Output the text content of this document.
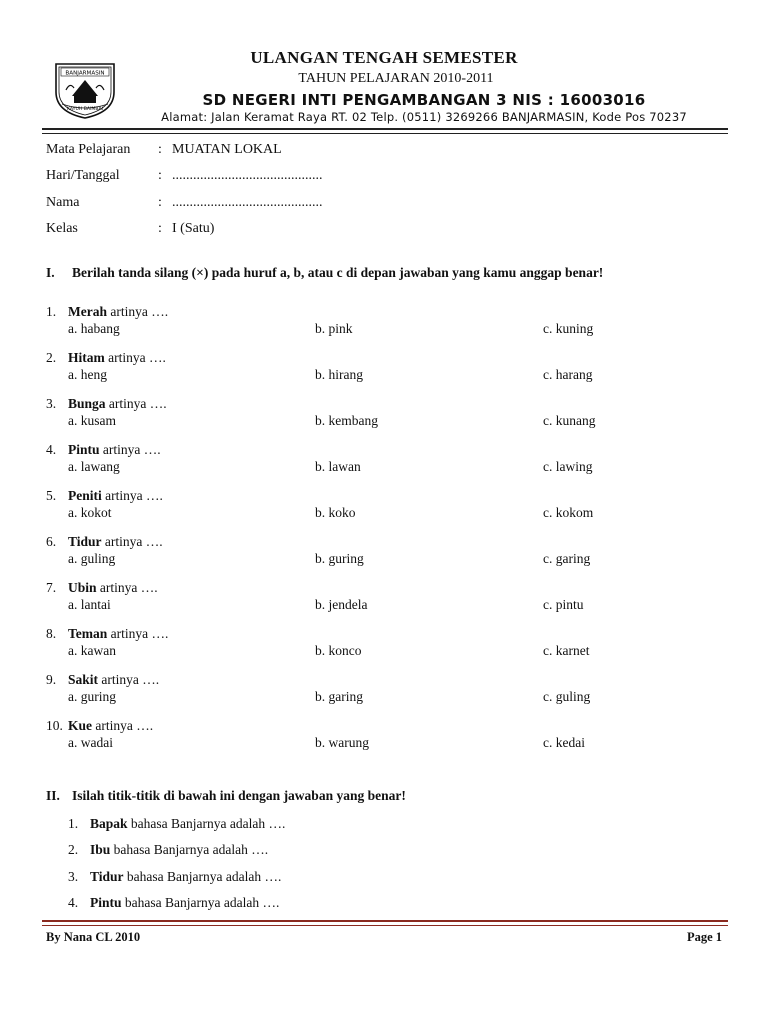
BANJARMASIN
KAYUH BAIMBAI
ULANGAN TENGAH SEMESTER
TAHUN PELAJARAN 2010-2011
SD NEGERI INTI PENGAMBANGAN 3 NIS : 16003016
Alamat: Jalan Keramat Raya RT. 02 Telp. (0511) 3269266 BANJARMASIN, Kode Pos 70237
Mata Pelajaran	: MUATAN LOKAL
Hari/Tanggal	: ...........................................
Nama	: ...........................................
Kelas	: I (Satu)
I.	Berilah tanda silang (×) pada huruf a, b, atau c di depan jawaban yang kamu anggap benar!
1. Merah artinya ….
a. habang	b. pink	c. kuning
2. Hitam artinya ….
a. heng	b. hirang	c. harang
3. Bunga artinya ….
a. kusam	b. kembang	c. kunang
4. Pintu artinya ….
a. lawang	b. lawan	c. lawing
5. Peniti artinya ….
a. kokot	b. koko	c. kokom
6. Tidur artinya ….
a. guling	b. guring	c. garing
7. Ubin artinya ….
a. lantai	b. jendela	c. pintu
8. Teman artinya ….
a. kawan	b. konco	c. karnet
9. Sakit artinya ….
a. guring	b. garing	c. guling
10. Kue artinya ….
a. wadai	b. warung	c. kedai
II. Isilah titik-titik di bawah ini dengan jawaban yang benar!
1. Bapak bahasa Banjarnya adalah ….
2. Ibu bahasa Banjarnya adalah ….
3. Tidur bahasa Banjarnya adalah ….
4. Pintu bahasa Banjarnya adalah ….
By Nana CL 2010	Page 1
